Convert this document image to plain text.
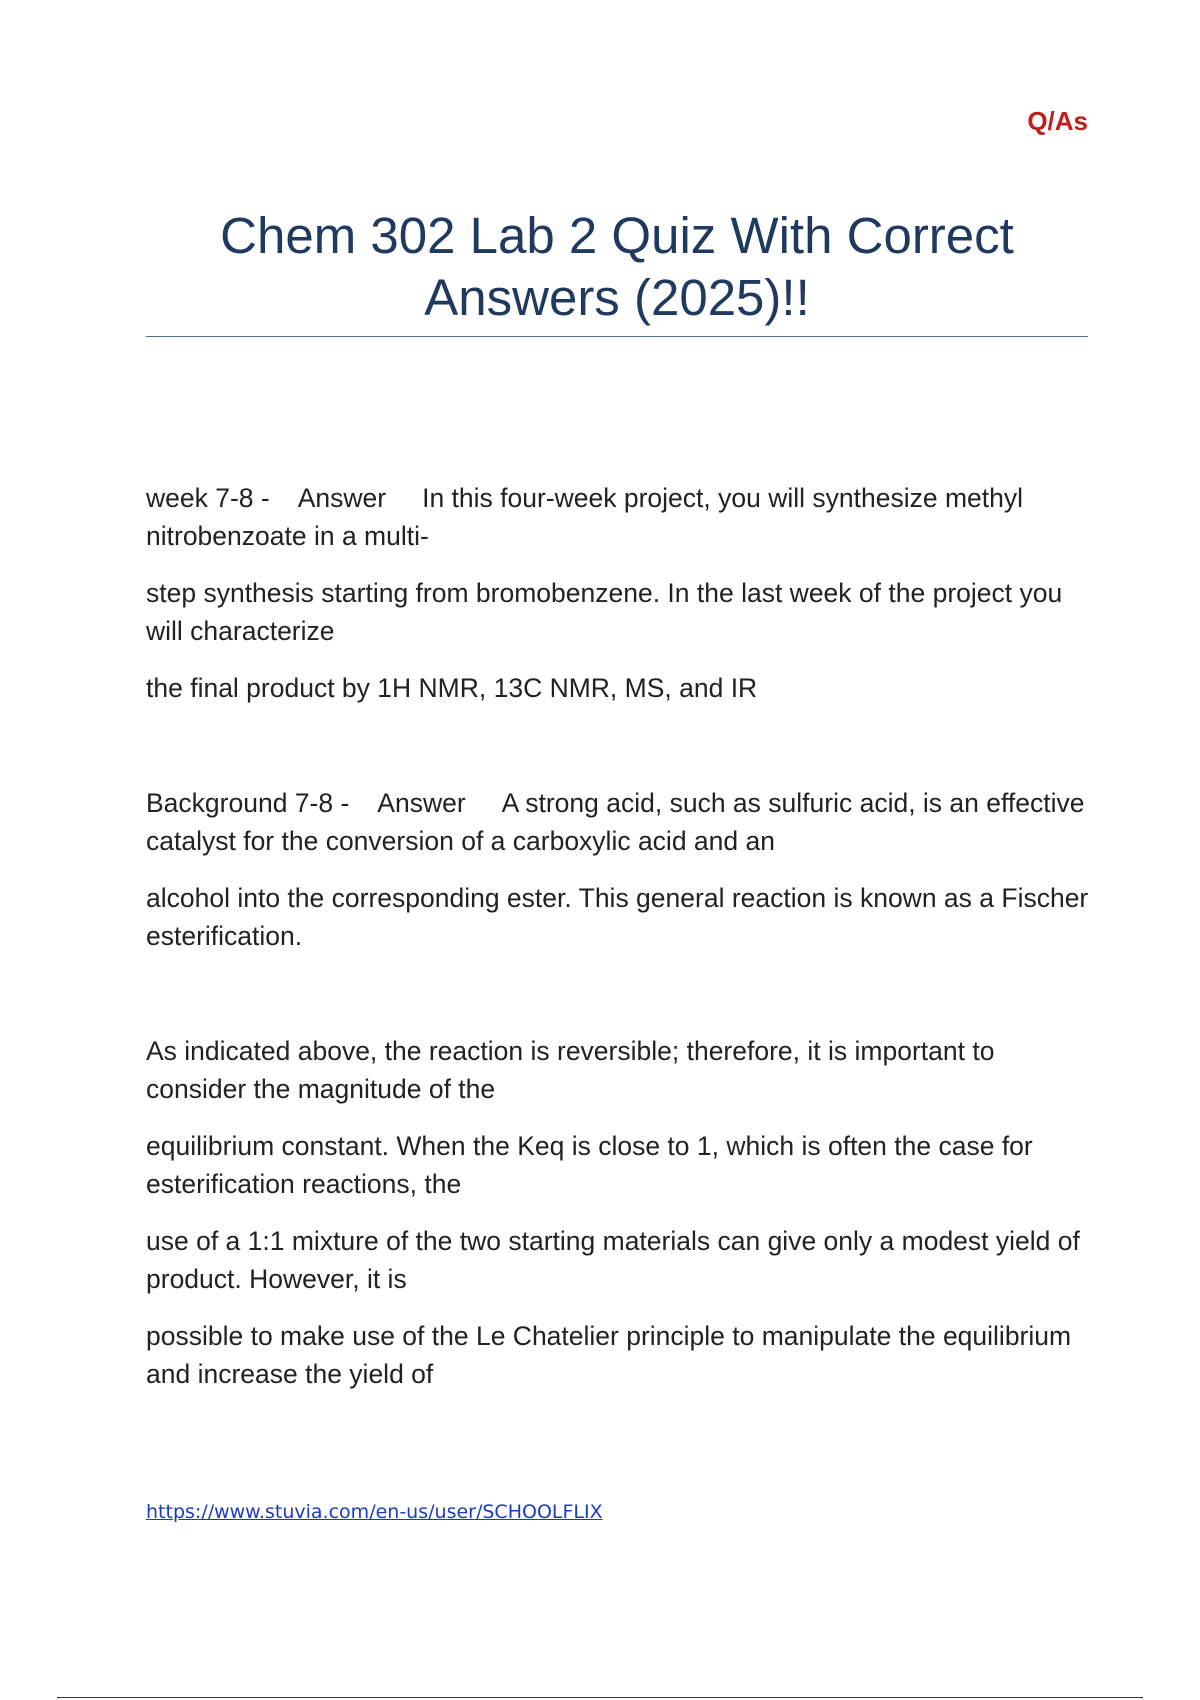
Q/As
Chem 302 Lab 2 Quiz With Correct
Answers (2025)!!

week 7-8 - Answer In this four-week project, you will synthesize methyl nitrobenzoate in a multi-

step synthesis starting from bromobenzene. In the last week of the project you will characterize

the final product by 1H NMR, 13C NMR, MS, and IR

Background 7-8 - Answer A strong acid, such as sulfuric acid, is an effective catalyst for the conversion of a carboxylic acid and an

alcohol into the corresponding ester. This general reaction is known as a Fischer esterification.

As indicated above, the reaction is reversible; therefore, it is important to consider the magnitude of the

equilibrium constant. When the Keq is close to 1, which is often the case for esterification reactions, the

use of a 1:1 mixture of the two starting materials can give only a modest yield of product. However, it is

possible to make use of the Le Chatelier principle to manipulate the equilibrium and increase the yield of

https://www.stuvia.com/en-us/user/SCHOOLFLIX
